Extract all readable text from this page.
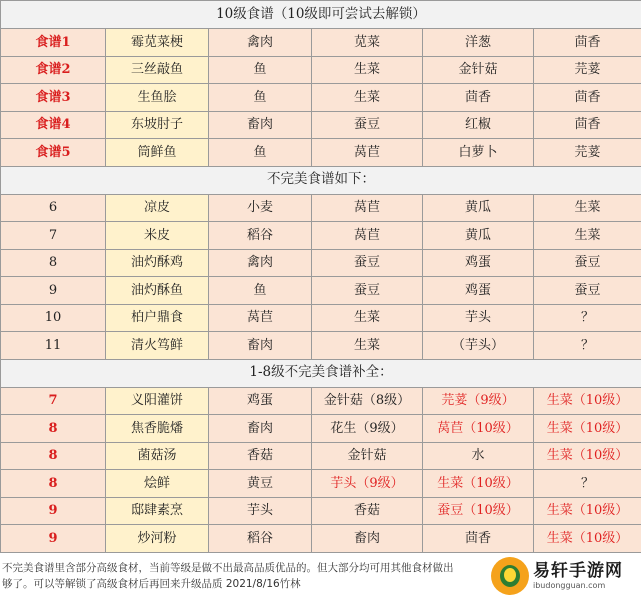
10级食谱（10级即可尝试去解锁）					
食谱1	霉苋菜梗	禽肉	苋菜	洋葱	茴香
食谱2	三丝敲鱼	鱼	生菜	金针菇	芫荽
食谱3	生鱼脍	鱼	生菜	茴香	茴香
食谱4	东坡肘子	畜肉	蚕豆	红椒	茴香
食谱5	筒鲜鱼	鱼	莴苣	白萝卜	芫荽
不完美食谱如下：					
6	凉皮	小麦	莴苣	黄瓜	生菜
7	米皮	稻谷	莴苣	黄瓜	生菜
8	油灼酥鸡	禽肉	蚕豆	鸡蛋	蚕豆
9	油灼酥鱼	鱼	蚕豆	鸡蛋	蚕豆
10	柏户鼎食	莴苣	生菜	芋头	？
11	清火笃鲜	畜肉	生菜	（芋头）	？
1-8级不完美食谱补全：					
7	义阳灌饼	鸡蛋	金针菇（8级）	芫荽（9级）	生菜（10级）
8	焦香脆燔	畜肉	花生（9级）	莴苣（10级）	生菜（10级）
8	菌菇汤	香菇	金针菇	水	生菜（10级）
8	烩鲜	黄豆	芋头（9级）	生菜（10级）	？
9	邸肆素烹	芋头	香菇	蚕豆（10级）	生菜（10级）
9	炒河粉	稻谷	畜肉	茴香	生菜（10级）

不完美食谱里含部分高级食材，当前等级是做不出最高品质优品的。但大部分均可用其他食材做出

够了。可以等解锁了高级食材后再回来升级品质 2021/8/16竹林

易轩手游网
ibudongguan.com
